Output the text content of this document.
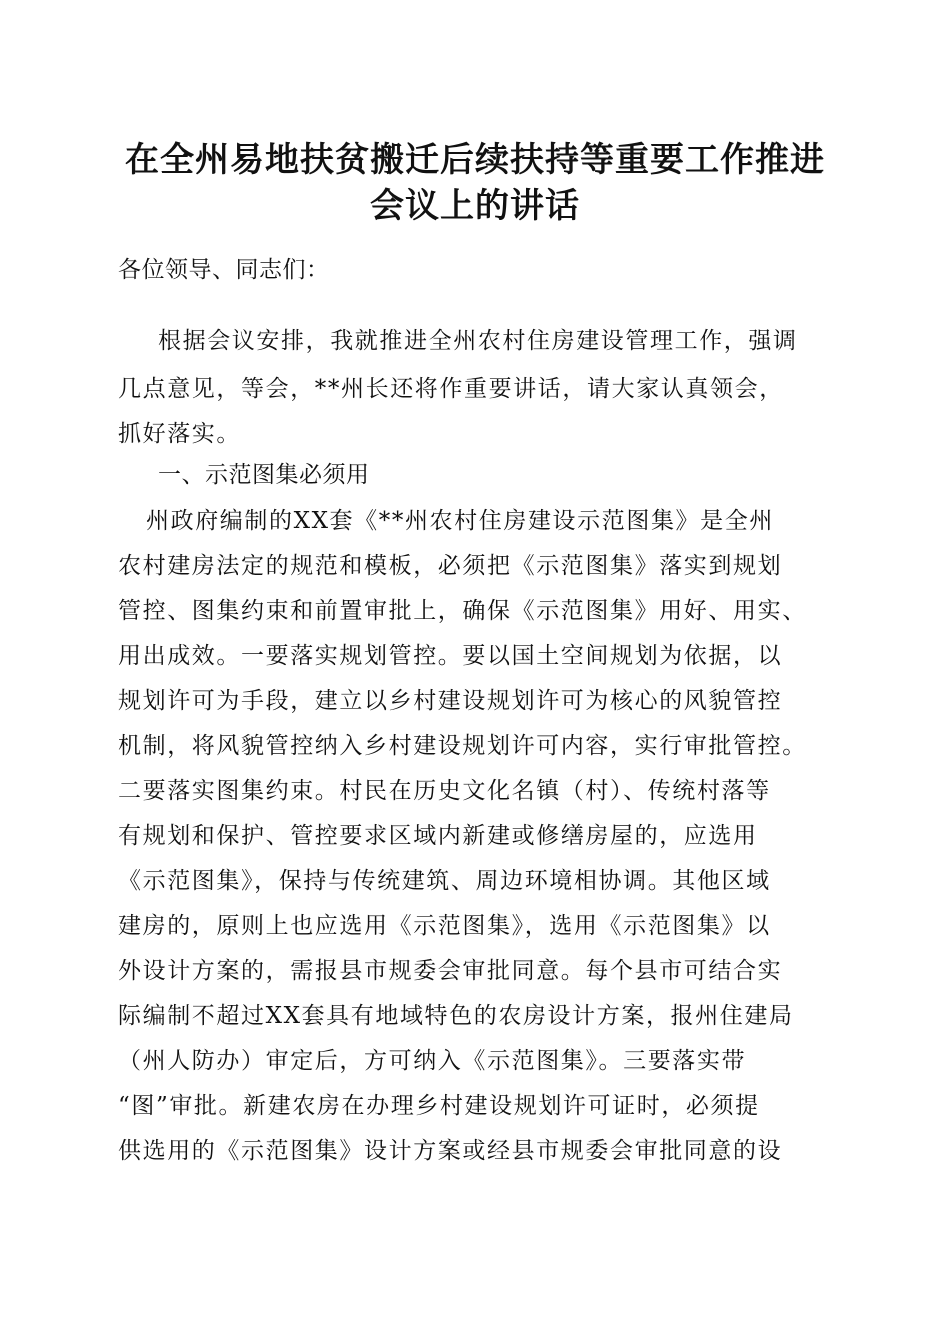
在全州易地扶贫搬迁后续扶持等重要工作推进
会议上的讲话
各位领导、同志们：
根据会议安排，我就推进全州农村住房建设管理工作，强调
几点意见，等会，**州长还将作重要讲话，请大家认真领会，
抓好落实。
一、示范图集必须用
州政府编制的XX套《**州农村住房建设示范图集》是全州
农村建房法定的规范和模板，必须把《示范图集》落实到规划
管控、图集约束和前置审批上，确保《示范图集》用好、用实、
用出成效。一要落实规划管控。要以国土空间规划为依据，以
规划许可为手段，建立以乡村建设规划许可为核心的风貌管控
机制，将风貌管控纳入乡村建设规划许可内容，实行审批管控。
二要落实图集约束。村民在历史文化名镇（村）、传统村落等
有规划和保护、管控要求区域内新建或修缮房屋的，应选用
《示范图集》，保持与传统建筑、周边环境相协调。其他区域
建房的，原则上也应选用《示范图集》，选用《示范图集》以
外设计方案的，需报县市规委会审批同意。每个县市可结合实
际编制不超过XX套具有地域特色的农房设计方案，报州住建局
（州人防办）审定后，方可纳入《示范图集》。三要落实带
“图”审批。新建农房在办理乡村建设规划许可证时，必须提
供选用的《示范图集》设计方案或经县市规委会审批同意的设
